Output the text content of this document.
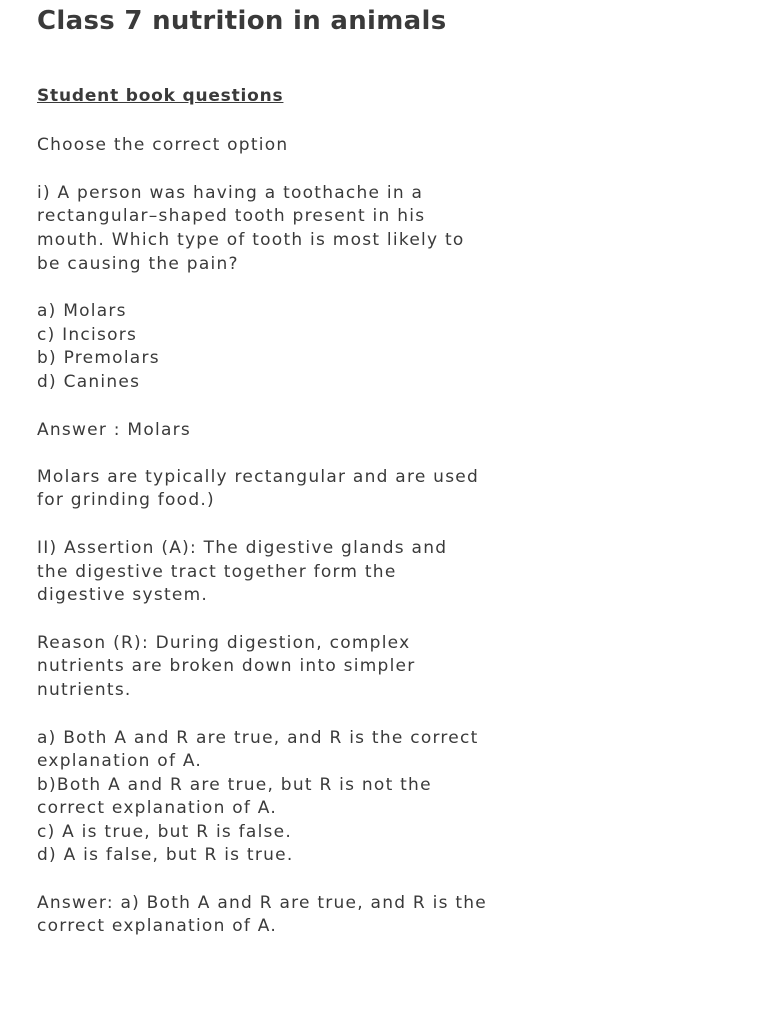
Class 7 nutrition in animals
Student book questions
Choose the correct option
i) A person was having a toothache in a
rectangular–shaped tooth present in his
mouth. Which type of tooth is most likely to
be causing the pain?
a) Molars
c) Incisors
b) Premolars
d) Canines
Answer : Molars
Molars are typically rectangular and are used
for grinding food.)
II) Assertion (A): The digestive glands and
the digestive tract together form the
digestive system.
Reason (R): During digestion, complex
nutrients are broken down into simpler
nutrients.
a) Both A and R are true, and R is the correct
explanation of A.
b)Both A and R are true, but R is not the
correct explanation of A.
c) A is true, but R is false.
d) A is false, but R is true.
Answer: a) Both A and R are true, and R is the
correct explanation of A.
